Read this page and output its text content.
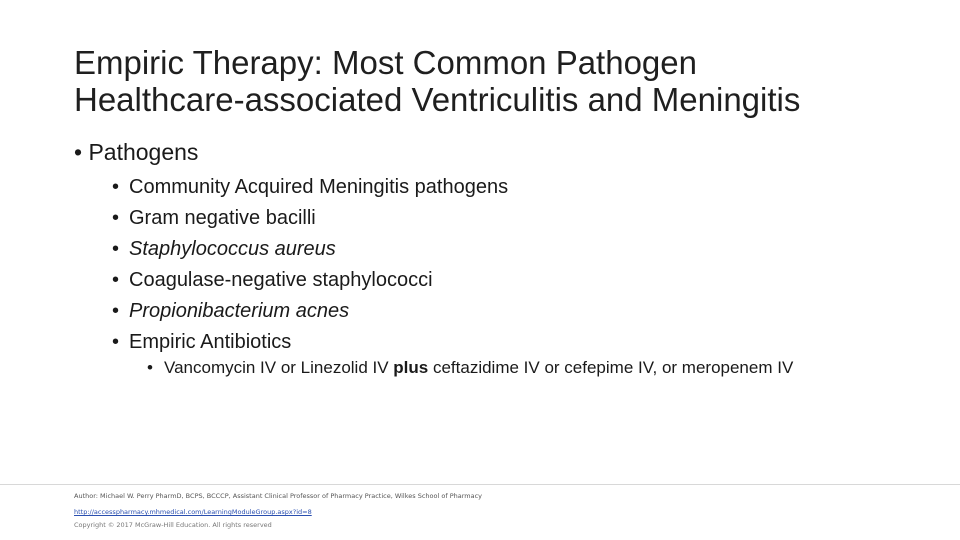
Empiric Therapy: Most Common Pathogen
Healthcare-associated Ventriculitis and Meningitis
• Pathogens
• Community Acquired Meningitis pathogens
• Gram negative bacilli
• Staphylococcus aureus
• Coagulase-negative staphylococci
• Propionibacterium acnes
• Empiric Antibiotics
• Vancomycin IV or Linezolid IV plus ceftazidime IV or cefepime IV, or meropenem IV
Author: Michael W. Perry PharmD, BCPS, BCCCP, Assistant Clinical Professor of Pharmacy Practice, Wilkes School of Pharmacy
http://accesspharmacy.mhmedical.com/LearningModuleGroup.aspx?id=8
Copyright © 2017 McGraw-Hill Education. All rights reserved
